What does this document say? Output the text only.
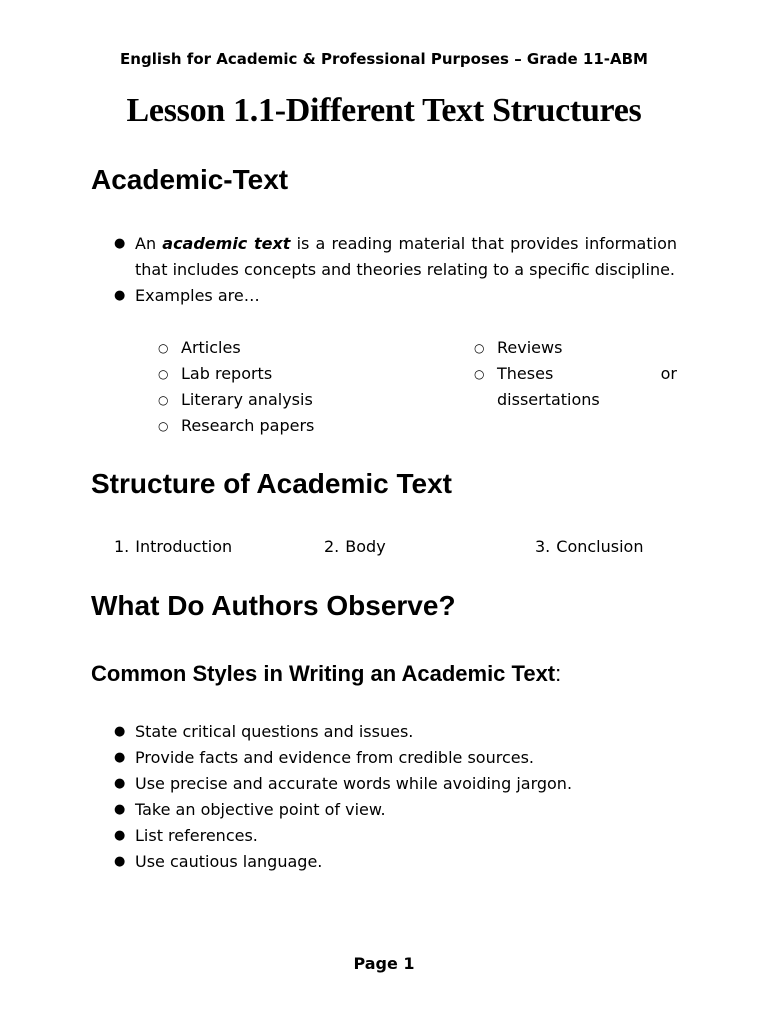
English for Academic & Professional Purposes – Grade 11-ABM
Lesson 1.1-Different Text Structures
Academic-Text
● An academic text is a reading material that provides information that includes concepts and theories relating to a specific discipline.
● Examples are…
○ Articles
○ Lab reports
○ Literary analysis
○ Research papers
○ Reviews
○ Theses or dissertations
Structure of Academic Text
1. Introduction	2. Body	3. Conclusion
What Do Authors Observe?
Common Styles in Writing an Academic Text:
● State critical questions and issues.
● Provide facts and evidence from credible sources.
● Use precise and accurate words while avoiding jargon.
● Take an objective point of view.
● List references.
● Use cautious language.
Page 1
